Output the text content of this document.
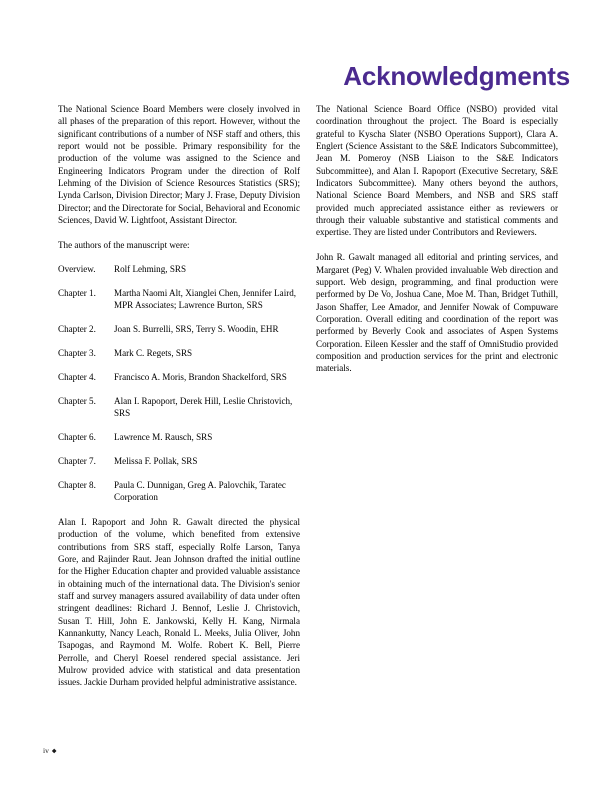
Acknowledgments

The National Science Board Members were closely involved in all phases of the preparation of this report. However, without the significant contributions of a number of NSF staff and others, this report would not be possible. Primary responsibility for the production of the volume was assigned to the Science and Engineering Indicators Program under the direction of Rolf Lehming of the Division of Science Resources Statistics (SRS); Lynda Carlson, Division Director; Mary J. Frase, Deputy Division Director; and the Directorate for Social, Behavioral and Economic Sciences, David W. Lightfoot, Assistant Director.

The authors of the manuscript were:

Overview.	Rolf Lehming, SRS
Chapter 1.	Martha Naomi Alt, Xianglei Chen, Jennifer Laird, MPR Associates; Lawrence Burton, SRS
Chapter 2.	Joan S. Burrelli, SRS, Terry S. Woodin, EHR
Chapter 3.	Mark C. Regets, SRS
Chapter 4.	Francisco A. Moris, Brandon Shackelford, SRS
Chapter 5.	Alan I. Rapoport, Derek Hill, Leslie Christovich, SRS
Chapter 6.	Lawrence M. Rausch, SRS
Chapter 7.	Melissa F. Pollak, SRS
Chapter 8.	Paula C. Dunnigan, Greg A. Palovchik, Taratec Corporation

Alan I. Rapoport and John R. Gawalt directed the physical production of the volume, which benefited from extensive contributions from SRS staff, especially Rolfe Larson, Tanya Gore, and Rajinder Raut. Jean Johnson drafted the initial outline for the Higher Education chapter and provided valuable assistance in obtaining much of the international data. The Division's senior staff and survey managers assured availability of data under often stringent deadlines: Richard J. Bennof, Leslie J. Christovich, Susan T. Hill, John E. Jankowski, Kelly H. Kang, Nirmala Kannankutty, Nancy Leach, Ronald L. Meeks, Julia Oliver, John Tsapogas, and Raymond M. Wolfe. Robert K. Bell, Pierre Perrolle, and Cheryl Roesel rendered special assistance. Jeri Mulrow provided advice with statistical and data presentation issues. Jackie Durham provided helpful administrative assistance.

The National Science Board Office (NSBO) provided vital coordination throughout the project. The Board is especially grateful to Kyscha Slater (NSBO Operations Support), Clara A. Englert (Science Assistant to the S&E Indicators Subcommittee), Jean M. Pomeroy (NSB Liaison to the S&E Indicators Subcommittee), and Alan I. Rapoport (Executive Secretary, S&E Indicators Subcommittee). Many others beyond the authors, National Science Board Members, and NSB and SRS staff provided much appreciated assistance either as reviewers or through their valuable substantive and statistical comments and expertise. They are listed under Contributors and Reviewers.

John R. Gawalt managed all editorial and printing services, and Margaret (Peg) V. Whalen provided invaluable Web direction and support. Web design, programming, and final production were performed by De Vo, Joshua Cane, Moe M. Than, Bridget Tuthill, Jason Shaffer, Lee Amador, and Jennifer Nowak of Compuware Corporation. Overall editing and coordination of the report was performed by Beverly Cook and associates of Aspen Systems Corporation. Eileen Kessler and the staff of OmniStudio provided composition and production services for the print and electronic materials.

iv ◆
